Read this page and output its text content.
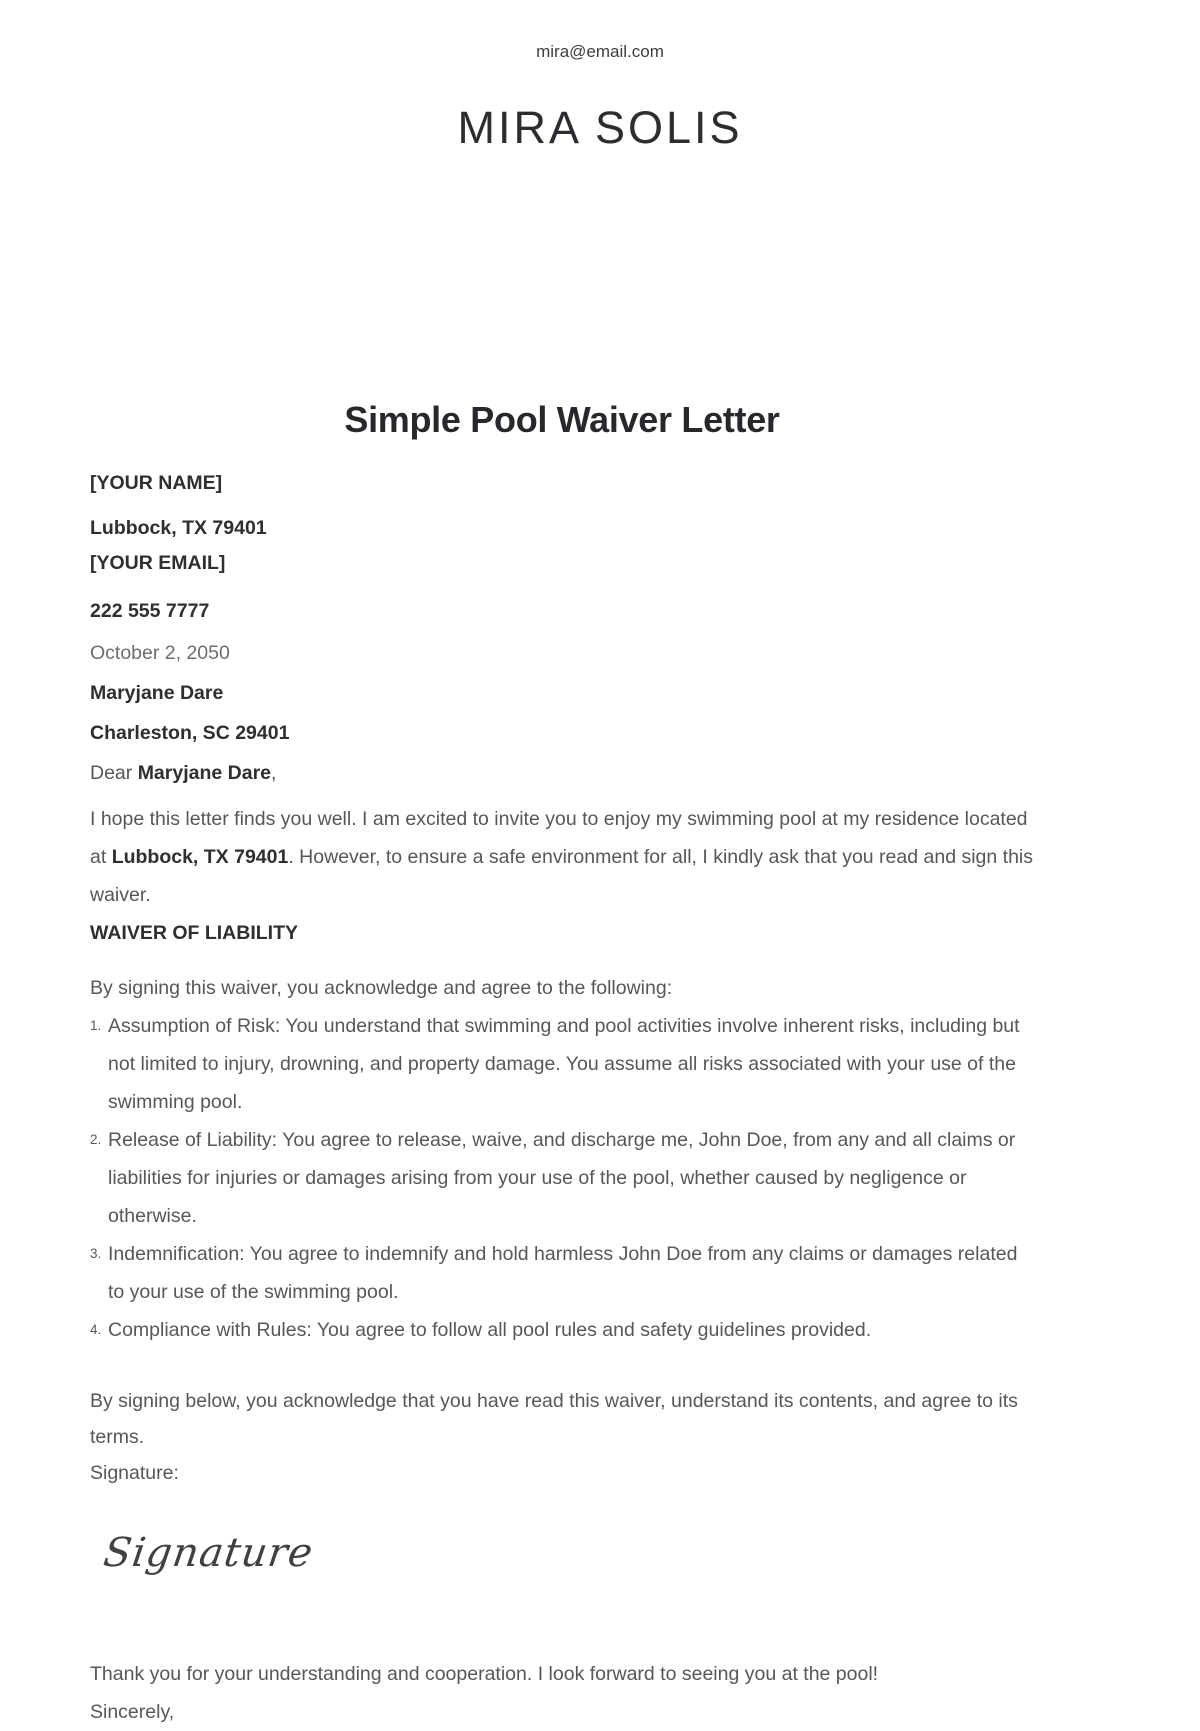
mira@email.com
MIRA SOLIS
Simple Pool Waiver Letter
[YOUR NAME]
Lubbock, TX 79401
[YOUR EMAIL]
222 555 7777
October 2, 2050
Maryjane Dare
Charleston, SC 29401
Dear Maryjane Dare,
I hope this letter finds you well. I am excited to invite you to enjoy my swimming pool at my residence located at Lubbock, TX 79401. However, to ensure a safe environment for all, I kindly ask that you read and sign this waiver.
WAIVER OF LIABILITY
By signing this waiver, you acknowledge and agree to the following:
1. Assumption of Risk: You understand that swimming and pool activities involve inherent risks, including but not limited to injury, drowning, and property damage. You assume all risks associated with your use of the swimming pool.
2. Release of Liability: You agree to release, waive, and discharge me, John Doe, from any and all claims or liabilities for injuries or damages arising from your use of the pool, whether caused by negligence or otherwise.
3. Indemnification: You agree to indemnify and hold harmless John Doe from any claims or damages related to your use of the swimming pool.
4. Compliance with Rules: You agree to follow all pool rules and safety guidelines provided.
By signing below, you acknowledge that you have read this waiver, understand its contents, and agree to its terms.
Signature:
Signature
Thank you for your understanding and cooperation. I look forward to seeing you at the pool!
Sincerely,
